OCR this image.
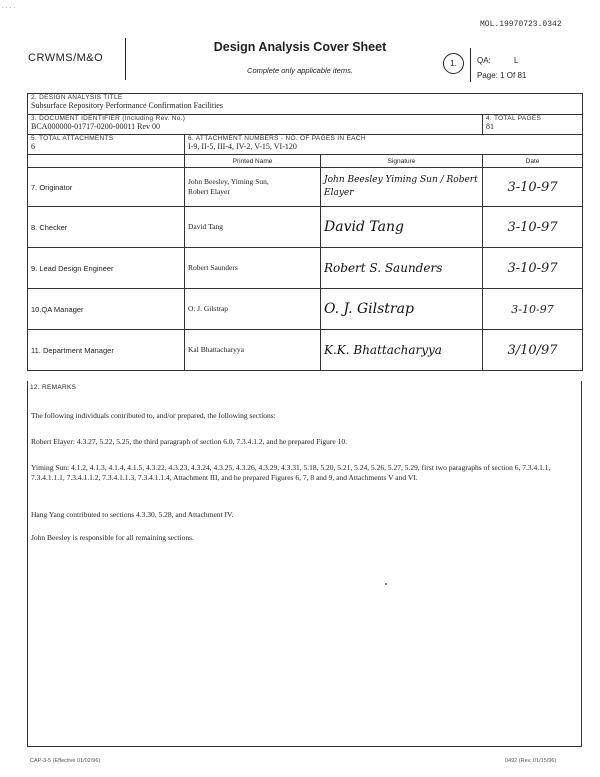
....
MOL.19970723.0342
CRWMS/M&O
Design Analysis Cover Sheet
Complete only applicable items.
1.	QA:	L
Page: 1 Of 81
2. DESIGN ANALYSIS TITLE
Subsurface Repository Performance Confirmation Facilities			

3. DOCUMENT IDENTIFIER (Including Rev. No.)
BCA000000-01717-0200-00011 Rev 00			4. TOTAL PAGES
81

5. TOTAL ATTACHMENTS
6	6. ATTACHMENT NUMBERS - NO. OF PAGES IN EACH
I-9, II-5, III-4, IV-2, V-15, VI-120		

	Printed Name	Signature	Date
7. Originator	John Beesley, Yiming Sun,
Robert Elayer	John Beesley Yiming Sun / Robert Elayer	3-10-97
8. Checker	David Tang	David Tang	3-10-97
9. Lead Design Engineer	Robert Saunders	Robert S. Saunders	3-10-97
10.QA Manager	O. J. Gilstrap	O. J. Gilstrap	3-10-97
11. Department Manager	Kal Bhattacharyya	K.K. Bhattacharyya	3/10/97
12. REMARKS
The following individuals contributed to, and/or prepared, the following sections:
Robert Elayer: 4.3.27, 5.22, 5.25, the third paragraph of section 6.0, 7.3.4.1.2, and he prepared Figure 10.
Yiming Sun: 4.1.2, 4.1.3, 4.1.4, 4.1.5, 4.3.22, 4.3.23, 4.3.24, 4.3.25, 4.3.26, 4.3.29, 4.3.31, 5.18, 5.20, 5.21, 5.24, 5.26, 5.27, 5.29, first two paragraphs of section 6, 7.3.4.1.1, 7.3.4.1.1.1, 7.3.4.1.1.2, 7.3.4.1.1.3, 7.3.4.1.1.4, Attachment III, and he prepared Figures 6, 7, 8 and 9, and Attachments V and VI.
Hang Yang contributed to sections 4.3.30, 5.28, and Attachment IV.
John Beesley is responsible for all remaining sections.
CAP-3-5 (Effective 01/02/96)	0492 (Rev. 01/15/96)
